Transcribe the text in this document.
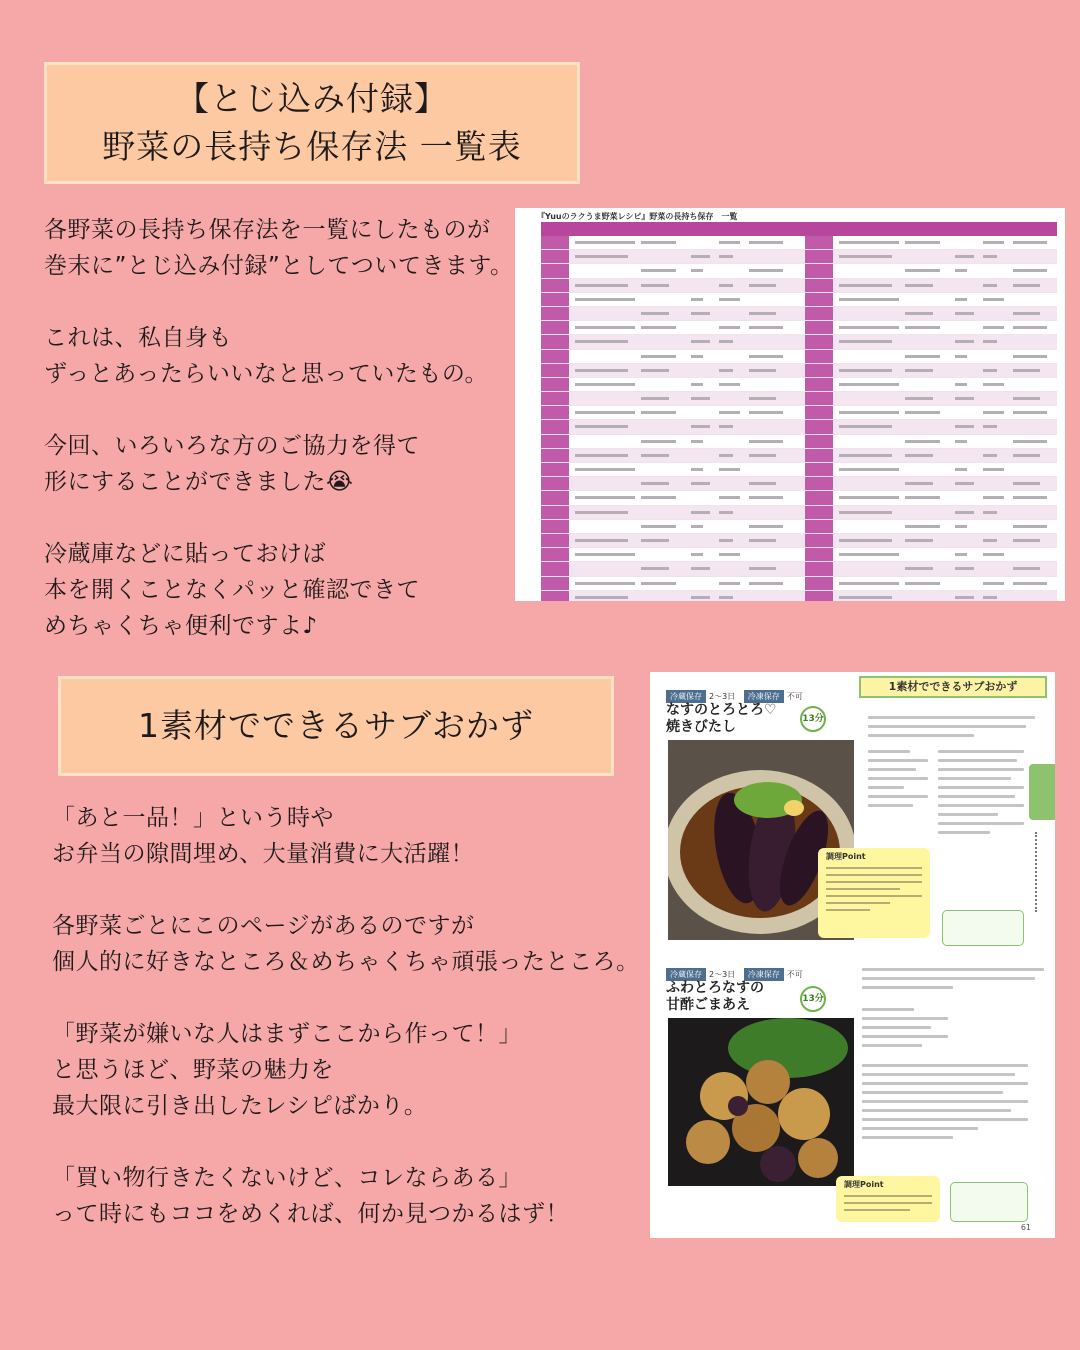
【とじ込み付録】
野菜の長持ち保存法 一覧表
各野菜の長持ち保存法を一覧にしたものが
巻末に”とじ込み付録”としてついてきます。

これは、私自身も
ずっとあったらいいなと思っていたもの。

今回、いろいろな方のご協力を得て
形にすることができました😭

冷蔵庫などに貼っておけば
本を開くことなくパッと確認できて
めちゃくちゃ便利ですよ♪
『Yuuのラクうま野菜レシピ』野菜の長持ち保存　一覧
1素材でできるサブおかず
「あと一品！」という時や
お弁当の隙間埋め、大量消費に大活躍！

各野菜ごとにこのページがあるのですが
個人的に好きなところ＆めちゃくちゃ頑張ったところ。

「野菜が嫌いな人はまずここから作って！」
と思うほど、野菜の魅力を
最大限に引き出したレシピばかり。

「買い物行きたくないけど、コレならある」
って時にもココをめくれば、何か見つかるはず！
1素材でできるサブおかず
冷蔵保存 2〜3日 冷凍保存 不可
なすのとろとろ♡
焼きびたし	13分
調理Point
冷蔵保存 2〜3日 冷凍保存 不可
ふわとろなすの
甘酢ごまあえ	13分
調理Point
61
